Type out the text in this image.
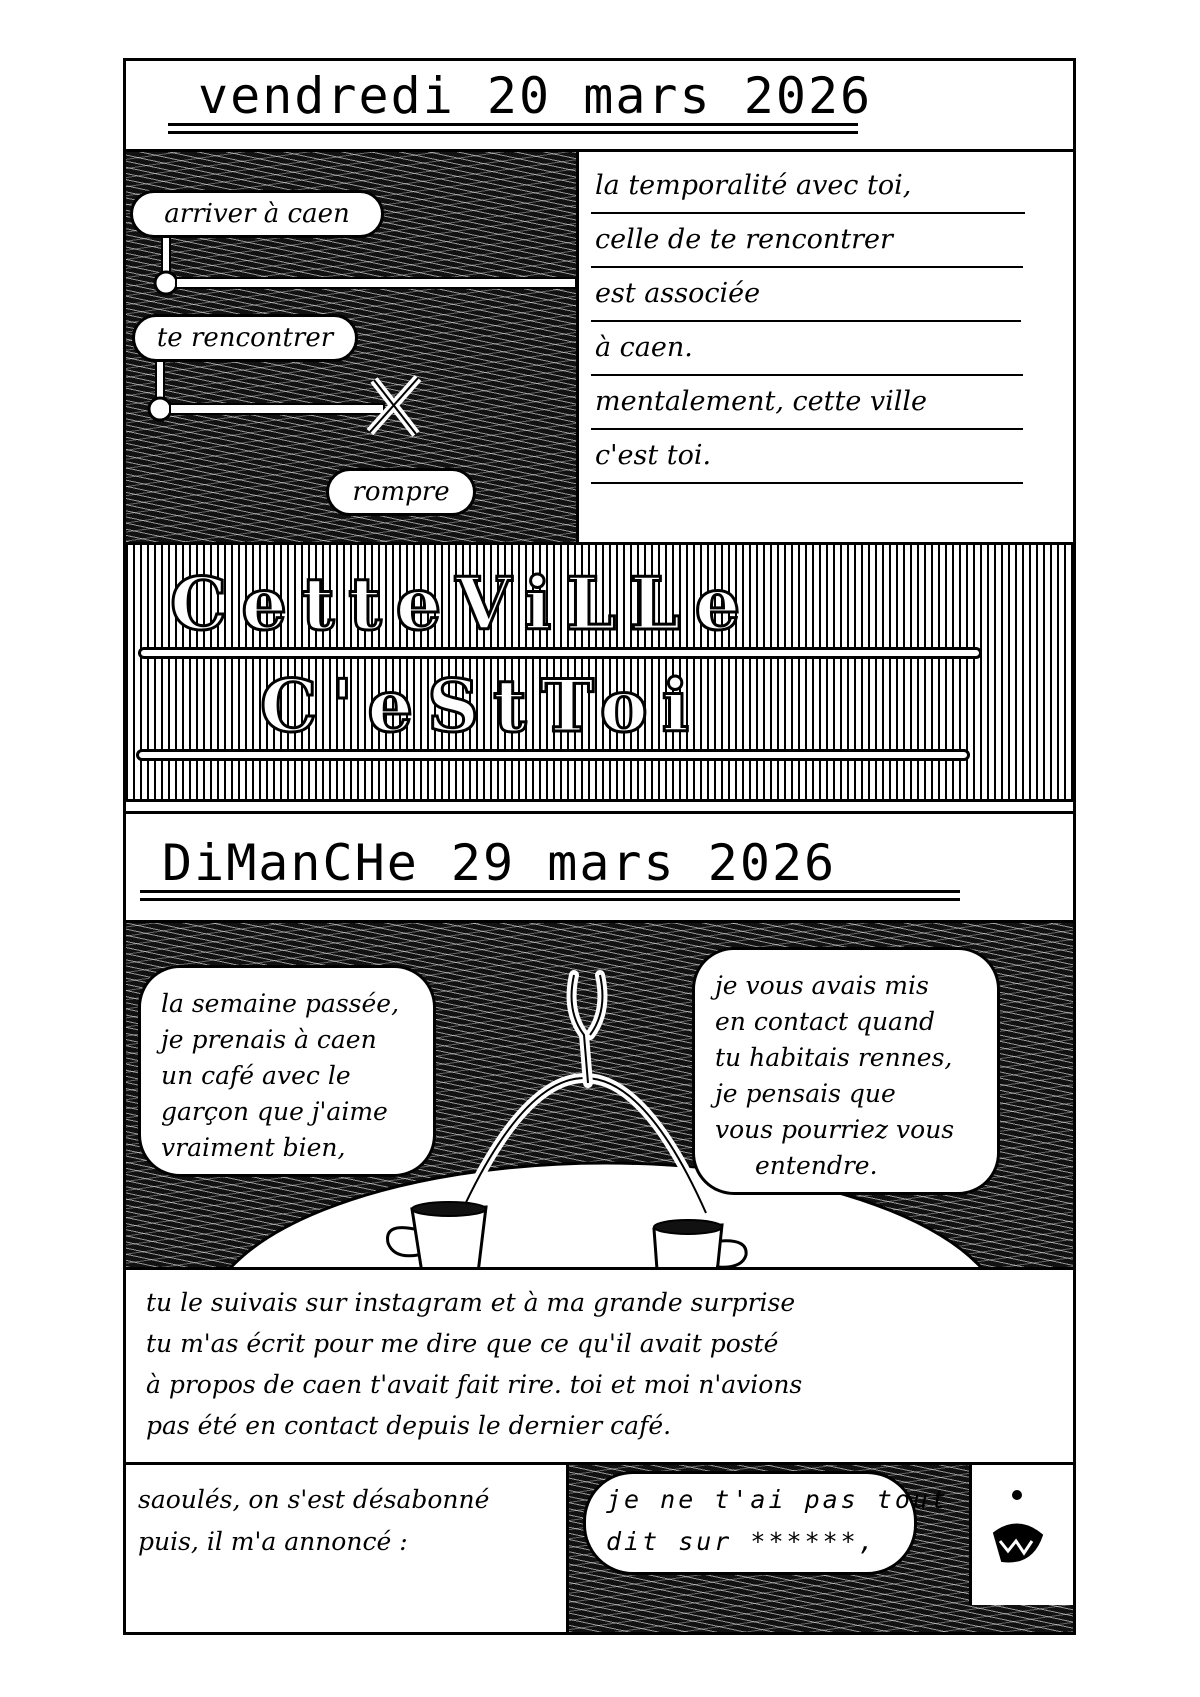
vendredi 20 mars 2026
arriver à caen
te rencontrer
rompre
la temporalité avec toi,
celle de te rencontrer
est associée
à caen.
mentalement, cette ville
c'est toi.
CetteViLLe
C'eStToi
DiManCHe 29 mars 2026
la semaine passée,
je prenais à caen
un café avec le
garçon que j'aime
vraiment bien,
je vous avais mis
en contact quand
tu habitais rennes,
je pensais que
vous pourriez vous
entendre.
tu le suivais sur instagram et à ma grande surprise
tu m'as écrit pour me dire que ce qu'il avait posté
à propos de caen t'avait fait rire. toi et moi n'avions
pas été en contact depuis le dernier café.
saoulés, on s'est désabonné
puis, il m'a annoncé :
je ne t'ai pas tout
dit sur ******,
